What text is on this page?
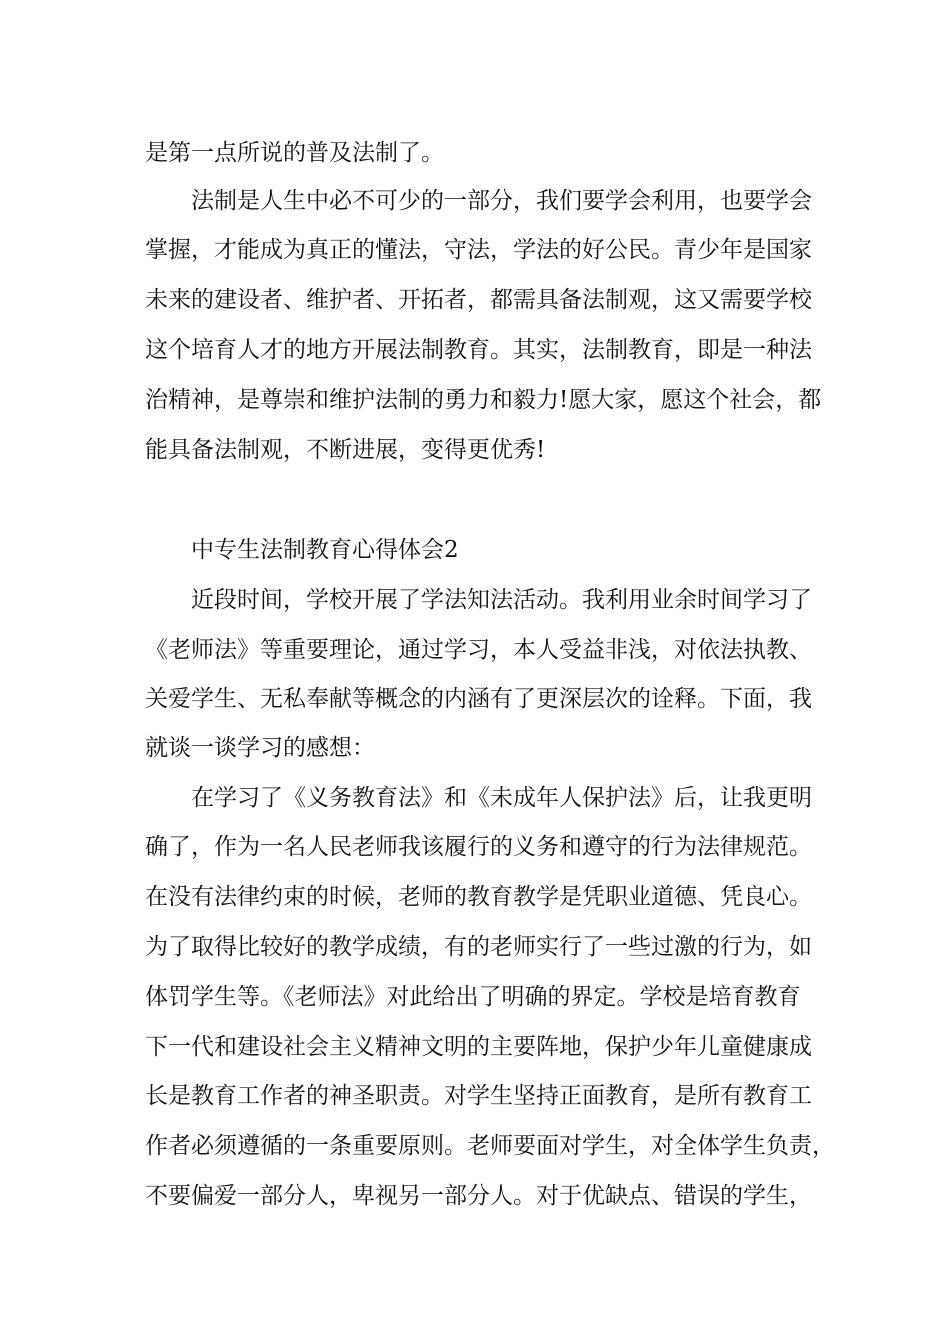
是第一点所说的普及法制了。
法制是人生中必不可少的一部分，我们要学会利用，也要学会
掌握，才能成为真正的懂法，守法，学法的好公民。青少年是国家
未来的建设者、维护者、开拓者，都需具备法制观，这又需要学校
这个培育人才的地方开展法制教育。其实，法制教育，即是一种法
治精神，是尊崇和维护法制的勇力和毅力!愿大家，愿这个社会，都
能具备法制观，不断进展，变得更优秀!
中专生法制教育心得体会2
近段时间，学校开展了学法知法活动。我利用业余时间学习了
《老师法》等重要理论，通过学习，本人受益非浅，对依法执教、
关爱学生、无私奉献等概念的内涵有了更深层次的诠释。下面，我
就谈一谈学习的感想：
在学习了《义务教育法》和《未成年人保护法》后，让我更明
确了，作为一名人民老师我该履行的义务和遵守的行为法律规范。
在没有法律约束的时候，老师的教育教学是凭职业道德、凭良心。
为了取得比较好的教学成绩，有的老师实行了一些过激的行为，如
体罚学生等。《老师法》对此给出了明确的界定。学校是培育教育
下一代和建设社会主义精神文明的主要阵地，保护少年儿童健康成
长是教育工作者的神圣职责。对学生坚持正面教育，是所有教育工
作者必须遵循的一条重要原则。老师要面对学生，对全体学生负责，
不要偏爱一部分人，卑视另一部分人。对于优缺点、错误的学生，
